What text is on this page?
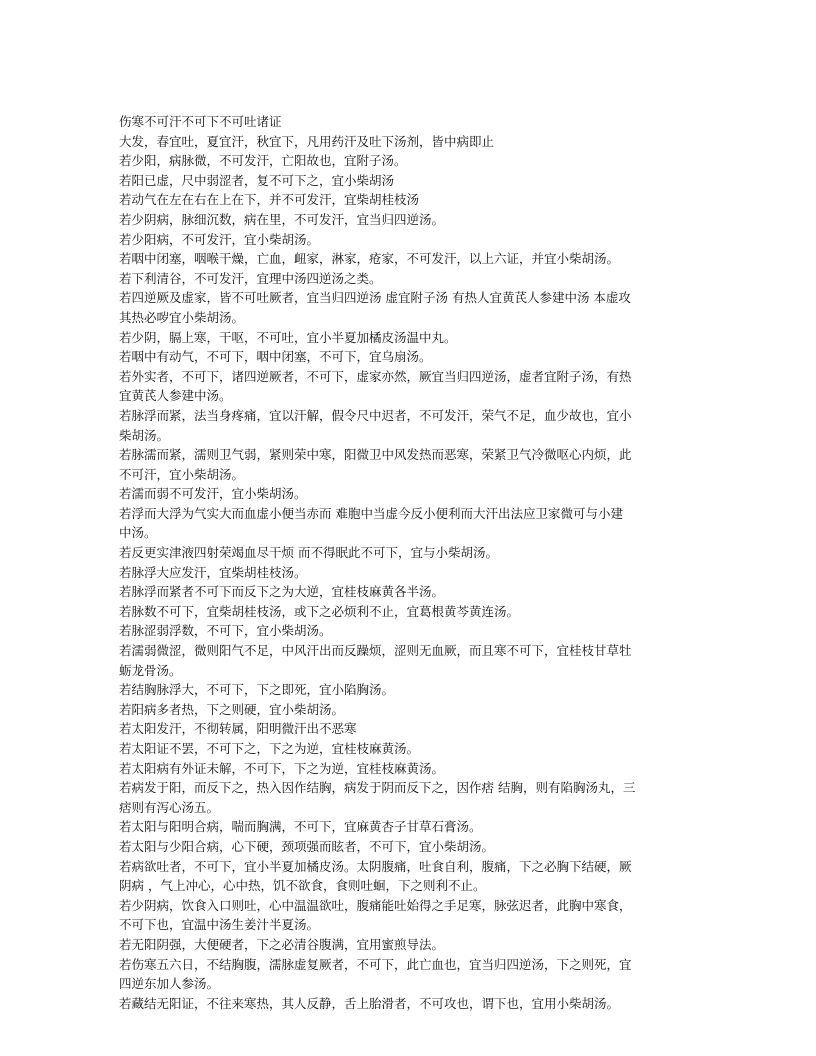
伤寒不可汗不可下不可吐诸证

大发，春宜吐，夏宜汗，秋宜下，凡用药汗及吐下汤剂，皆中病即止

若少阳，病脉微，不可发汗，亡阳故也，宜附子汤。

若阳已虚，尺中弱涩者，复不可下之，宜小柴胡汤

若动气在左在右在上在下，并不可发汗，宜柴胡桂枝汤

若少阴病，脉细沉数，病在里，不可发汗，宜当归四逆汤。

若少阳病，不可发汗，宜小柴胡汤。

若咽中闭塞，咽喉干燥，亡血，衄家，淋家，疮家，不可发汗，以上六证，并宜小柴胡汤。

若下利清谷，不可发汗，宜理中汤四逆汤之类。

若四逆厥及虚家，皆不可吐厥者，宜当归四逆汤 虚宜附子汤 有热人宜黄芪人参建中汤 本虚攻

其热必哕宜小柴胡汤。

若少阴，膈上寒，干呕，不可吐，宜小半夏加橘皮汤温中丸。

若咽中有动气，不可下，咽中闭塞，不可下，宜乌扇汤。

若外实者，不可下，诸四逆厥者，不可下，虚家亦然，厥宜当归四逆汤，虚者宜附子汤，有热

宜黄芪人参建中汤。

若脉浮而紧，法当身疼痛，宜以汗解，假令尺中迟者，不可发汗，荣气不足，血少故也，宜小

柴胡汤。

若脉濡而紧，濡则卫气弱，紧则荣中寒，阳微卫中风发热而恶寒，荣紧卫气冷微呕心内烦，此

不可汗，宜小柴胡汤。

若濡而弱不可发汗，宜小柴胡汤。

若浮而大浮为气实大而血虚小便当赤而 难胞中当虚今反小便利而大汗出法应卫家微可与小建

中汤。

若反更实津液四射荣竭血尽干烦 而不得眠此不可下，宜与小柴胡汤。

若脉浮大应发汗，宜柴胡桂枝汤。

若脉浮而紧者不可下而反下之为大逆，宜桂枝麻黄各半汤。

若脉数不可下，宜柴胡桂枝汤，或下之必烦利不止，宜葛根黄芩黄连汤。

若脉涩弱浮数，不可下，宜小柴胡汤。

若濡弱微涩，微则阳气不足，中风汗出而反躁烦，涩则无血厥，而且寒不可下，宜桂枝甘草牡

蛎龙骨汤。

若结胸脉浮大，不可下，下之即死，宜小陷胸汤。

若阳病多者热，下之则硬，宜小柴胡汤。

若太阳发汗，不彻转属，阳明微汗出不恶寒

若太阳证不罢，不可下之，下之为逆，宜桂枝麻黄汤。

若太阳病有外证未解，不可下，下之为逆，宜桂枝麻黄汤。

若病发于阳，而反下之，热入因作结胸，病发于阴而反下之，因作痞 结胸，则有陷胸汤丸，三

痞则有泻心汤五。

若太阳与阳明合病，喘而胸满，不可下，宜麻黄杏子甘草石膏汤。

若太阳与少阳合病，心下硬，颈项强而眩者，不可下，宜小柴胡汤。

若病欲吐者，不可下，宜小半夏加橘皮汤。太阴腹痛，吐食自利，腹痛，下之必胸下结硬，厥

阴病 ，气上冲心，心中热，饥不欲食，食则吐蛔，下之则利不止。

若少阴病，饮食入口则吐，心中温温欲吐，腹痛能吐始得之手足寒，脉弦迟者，此胸中寒食，

不可下也，宜温中汤生姜汁半夏汤。

若无阳阴强，大便硬者，下之必清谷腹满，宜用蜜煎导法。

若伤寒五六日，不结胸腹，濡脉虚复厥者，不可下，此亡血也，宜当归四逆汤，下之则死，宜

四逆东加人参汤。

若藏结无阳证，不往来寒热，其人反静，舌上胎滑者，不可攻也，谓下也，宜用小柴胡汤。
